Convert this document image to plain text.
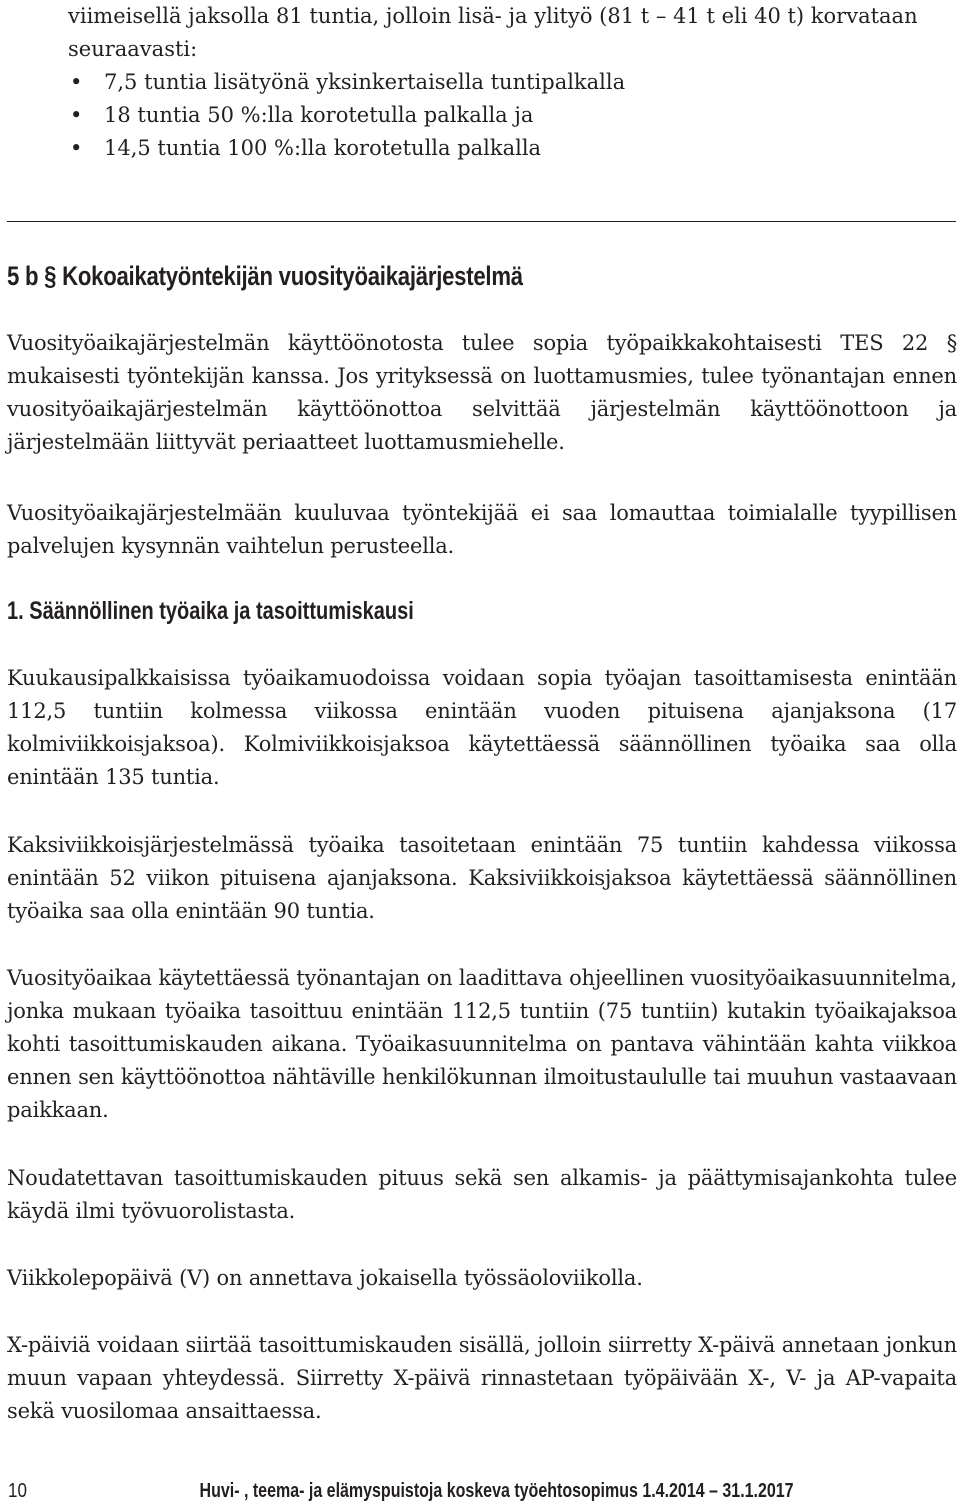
viimeisellä jaksolla 81 tuntia, jolloin lisä- ja ylityö (81 t – 41 t eli 40 t) korvataan seuraavasti:

• 7,5 tuntia lisätyönä yksinkertaisella tuntipalkalla
• 18 tuntia 50 %:lla korotetulla palkalla ja
• 14,5 tuntia 100 %:lla korotetulla palkalla
5 b § Kokoaikatyöntekijän vuosityöaikajärjestelmä

Vuosityöaikajärjestelmän käyttöönotosta tulee sopia työpaikkakohtaisesti TES 22 § mukaisesti työntekijän kanssa. Jos yrityksessä on luottamusmies, tulee työnantajan ennen vuosityöaikajärjestelmän käyttöönottoa selvittää järjestelmän käyttöönottoon ja järjestelmään liittyvät periaatteet luottamusmiehelle.

Vuosityöaikajärjestelmään kuuluvaa työntekijää ei saa lomauttaa toimialalle tyypillisen palvelujen kysynnän vaihtelun perusteella.

1. Säännöllinen työaika ja tasoittumiskausi

Kuukausipalkkaisissa työaikamuodoissa voidaan sopia työajan tasoittamisesta enintään 112,5 tuntiin kolmessa viikossa enintään vuoden pituisena ajanjaksona (17 kolmiviikkoisjaksoa). Kolmiviikkoisjaksoa käytettäessä säännöllinen työaika saa olla enintään 135 tuntia.

Kaksiviikkoisjärjestelmässä työaika tasoitetaan enintään 75 tuntiin kahdessa viikossa enintään 52 viikon pituisena ajanjaksona. Kaksiviikkoisjaksoa käytettäessä säännöllinen työaika saa olla enintään 90 tuntia.

Vuosityöaikaa käytettäessä työnantajan on laadittava ohjeellinen vuosityöaikasuunnitelma, jonka mukaan työaika tasoittuu enintään 112,5 tuntiin (75 tuntiin) kutakin työaikajaksoa kohti tasoittumiskauden aikana. Työaikasuunnitelma on pantava vähintään kahta viikkoa ennen sen käyttöönottoa nähtäville henkilökunnan ilmoitustaululle tai muuhun vastaavaan paikkaan.

Noudatettavan tasoittumiskauden pituus sekä sen alkamis- ja päättymisajankohta tulee käydä ilmi työvuorolistasta.

Viikkolepopäivä (V) on annettava jokaisella työssäoloviikolla.

X-päiviä voidaan siirtää tasoittumiskauden sisällä, jolloin siirretty X-päivä annetaan jonkun muun vapaan yhteydessä. Siirretty X-päivä rinnastetaan työpäivään X-, V- ja AP-vapaita sekä vuosilomaa ansaittaessa.

10	Huvi- , teema- ja elämyspuistoja koskeva työehtosopimus 1.4.2014 – 31.1.2017
